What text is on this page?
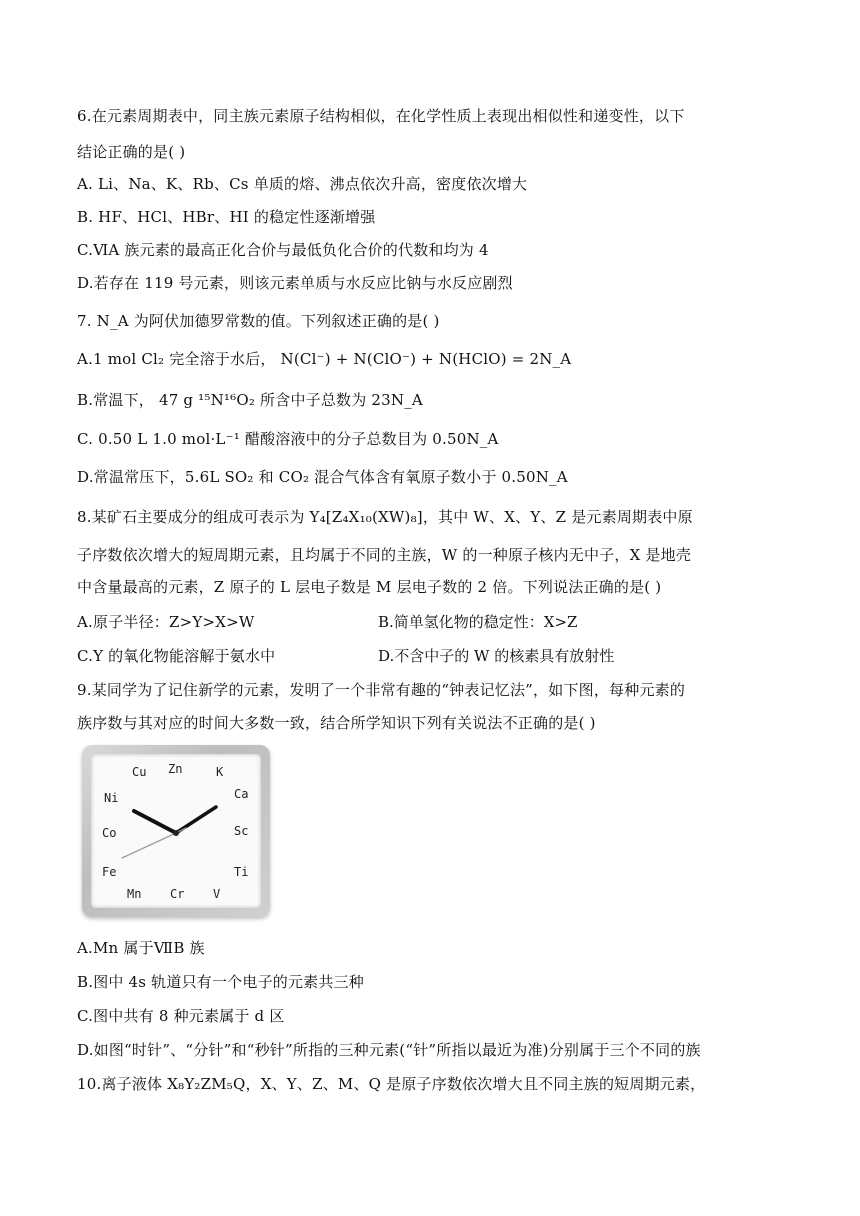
6.在元素周期表中，同主族元素原子结构相似，在化学性质上表现出相似性和递变性，以下
结论正确的是( )
A. Li、Na、K、Rb、Cs 单质的熔、沸点依次升高，密度依次增大
B. HF、HCl、HBr、HI 的稳定性逐渐增强
C.ⅥA 族元素的最高正化合价与最低负化合价的代数和均为 4
D.若存在 119 号元素，则该元素单质与水反应比钠与水反应剧烈
7. N_A 为阿伏加德罗常数的值。下列叙述正确的是( )
A.1 mol Cl₂ 完全溶于水后， N(Cl⁻) + N(ClO⁻) + N(HClO) = 2N_A
B.常温下， 47 g ¹⁵N¹⁶O₂ 所含中子总数为 23N_A
C. 0.50 L 1.0 mol·L⁻¹ 醋酸溶液中的分子总数目为 0.50N_A
D.常温常压下，5.6L SO₂ 和 CO₂ 混合气体含有氧原子数小于 0.50N_A
8.某矿石主要成分的组成可表示为 Y₄[Z₄X₁₀(XW)₈]，其中 W、X、Y、Z 是元素周期表中原
子序数依次增大的短周期元素，且均属于不同的主族，W 的一种原子核内无中子，X 是地壳
中含量最高的元素，Z 原子的 L 层电子数是 M 层电子数的 2 倍。下列说法正确的是( )
A.原子半径：Z>Y>X>W	B.简单氢化物的稳定性：X>Z
C.Y 的氧化物能溶解于氨水中	D.不含中子的 W 的核素具有放射性
9.某同学为了记住新学的元素，发明了一个非常有趣的“钟表记忆法”，如下图，每种元素的
族序数与其对应的时间大多数一致，结合所学知识下列有关说法不正确的是( )
Cu Zn	K
Ca
Sc
Ti
V
Cr
Mn
Fe
Co
Ni
A.Mn 属于ⅦB 族
B.图中 4s 轨道只有一个电子的元素共三种
C.图中共有 8 种元素属于 d 区
D.如图“时针”、“分针”和“秒针”所指的三种元素(“针”所指以最近为准)分别属于三个不同的族
10.离子液体 X₈Y₂ZM₅Q，X、Y、Z、M、Q 是原子序数依次增大且不同主族的短周期元素，
